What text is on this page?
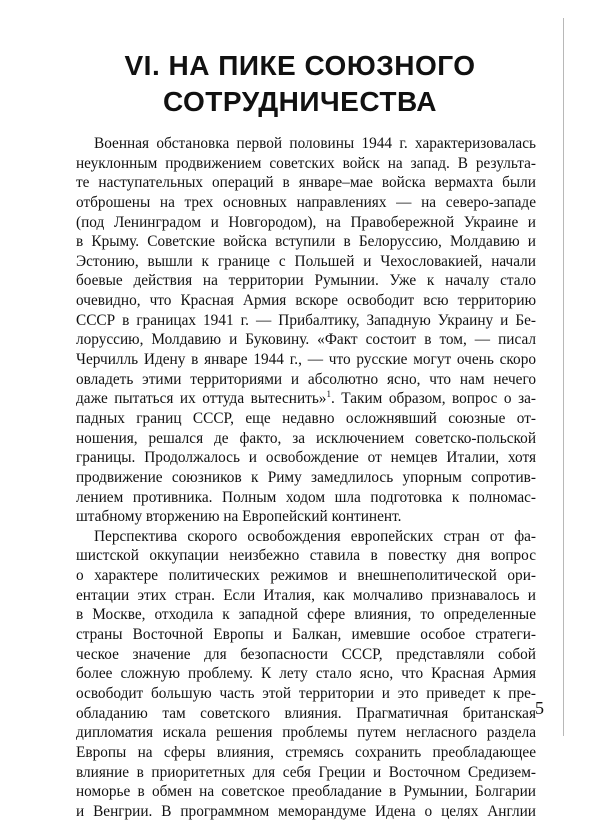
VI. НА ПИКЕ СОЮЗНОГО
СОТРУДНИЧЕСТВА
Военная обстановка первой половины 1944 г. характеризовалась
неуклонным продвижением советских войск на запад. В результа-
те наступательных операций в январе–мае войска вермахта были
отброшены на трех основных направлениях — на северо-западе
(под Ленинградом и Новгородом), на Правобережной Украине и
в Крыму. Советские войска вступили в Белоруссию, Молдавию и
Эстонию, вышли к границе с Польшей и Чехословакией, начали
боевые действия на территории Румынии. Уже к началу стало
очевидно, что Красная Армия вскоре освободит всю территорию
СССР в границах 1941 г. — Прибалтику, Западную Украину и Бе-
лоруссию, Молдавию и Буковину. «Факт состоит в том, — писал
Черчилль Идену в январе 1944 г., — что русские могут очень скоро
овладеть этими территориями и абсолютно ясно, что нам нечего
даже пытаться их оттуда вытеснить»$^1$. Таким образом, вопрос о за-
падных границ СССР, еще недавно осложнявший союзные от-
ношения, решался де факто, за исключением советско-польской
границы. Продолжалось и освобождение от немцев Италии, хотя
продвижение союзников к Риму замедлилось упорным сопротив-
лением противника. Полным ходом шла подготовка к полномас-
штабному вторжению на Европейский континент.
Перспектива скорого освобождения европейских стран от фа-
шистской оккупации неизбежно ставила в повестку дня вопрос
о характере политических режимов и внешнеполитической ори-
ентации этих стран. Если Италия, как молчаливо признавалось и
в Москве, отходила к западной сфере влияния, то определенные
страны Восточной Европы и Балкан, имевшие особое стратеги-
ческое значение для безопасности СССР, представляли собой
более сложную проблему. К лету стало ясно, что Красная Армия
освободит большую часть этой территории и это приведет к пре-
обладанию там советского влияния. Прагматичная британская
дипломатия искала решения проблемы путем негласного раздела
Европы на сферы влияния, стремясь сохранить преобладающее
влияние в приоритетных для себя Греции и Восточном Средизем-
номорье в обмен на советское преобладание в Румынии, Болгарии
и Венгрии. В программном меморандуме Идена о целях Англии
5
